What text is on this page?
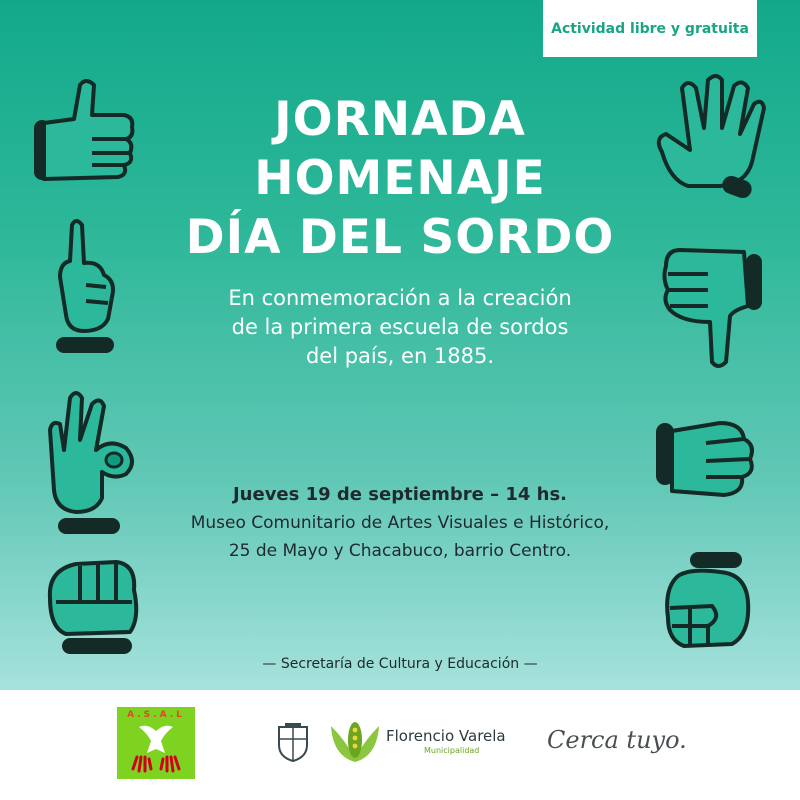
Actividad libre y gratuita
JORNADA
HOMENAJE
DÍA DEL SORDO
En conmemoración a la creación
de la primera escuela de sordos
del país, en 1885.
Jueves 19 de septiembre – 14 hs.
Museo Comunitario de Artes Visuales e Histórico,
25 de Mayo y Chacabuco, barrio Centro.
— Secretaría de Cultura y Educación —
A.S.A.L
Florencio Varela
Municipalidad	Cerca tuyo.
